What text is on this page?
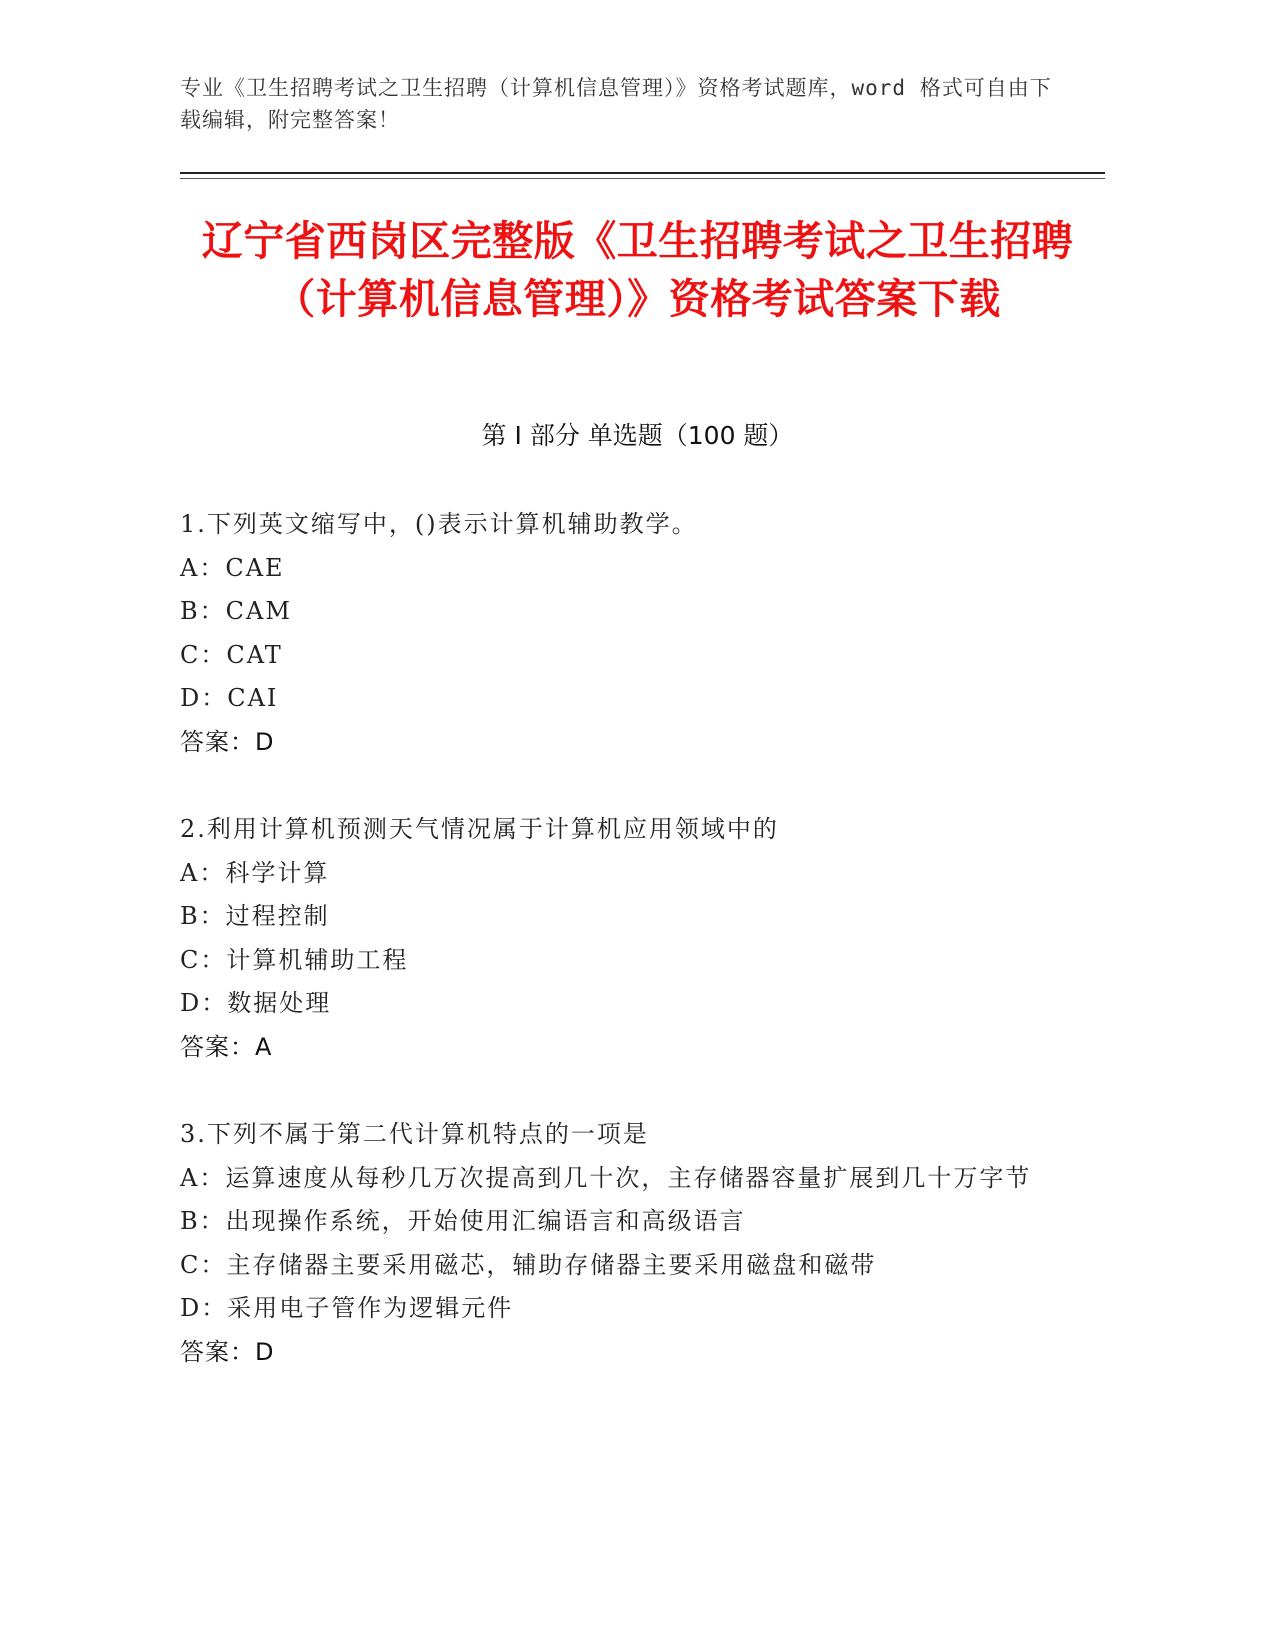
专业《卫生招聘考试之卫生招聘（计算机信息管理）》资格考试题库，word 格式可自由下载编辑，附完整答案！
辽宁省西岗区完整版《卫生招聘考试之卫生招聘（计算机信息管理）》资格考试答案下载
第 I 部分 单选题（100 题）
1.下列英文缩写中，()表示计算机辅助教学。
A：CAE
B：CAM
C：CAT
D：CAI
答案：D
2.利用计算机预测天气情况属于计算机应用领域中的
A：科学计算
B：过程控制
C：计算机辅助工程
D：数据处理
答案：A
3.下列不属于第二代计算机特点的一项是
A：运算速度从每秒几万次提高到几十次，主存储器容量扩展到几十万字节
B：出现操作系统，开始使用汇编语言和高级语言
C：主存储器主要采用磁芯，辅助存储器主要采用磁盘和磁带
D：采用电子管作为逻辑元件
答案：D
